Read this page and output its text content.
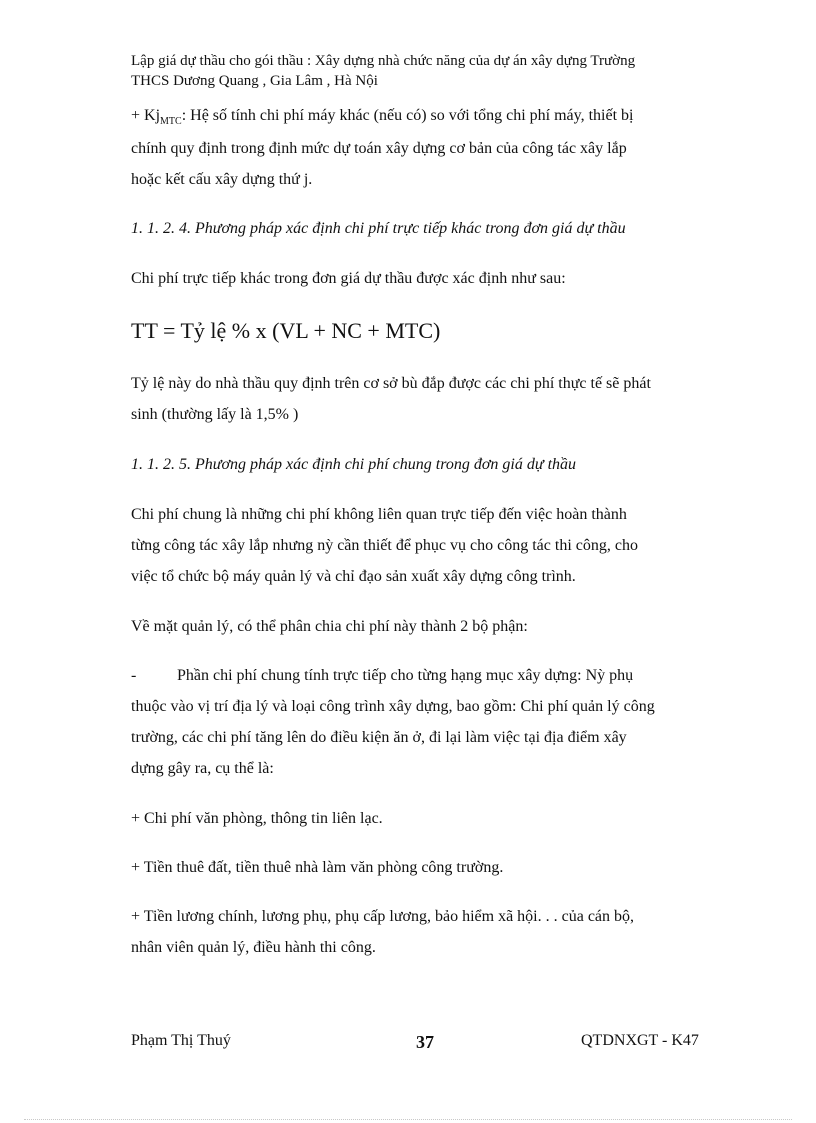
Lập giá dự thầu cho gói thầu : Xây dựng nhà chức năng của dự án xây dựng Trường
THCS Dương Quang , Gia Lâm , Hà Nội
+ $Kj_{MTC}$: Hệ số tính chi phí máy khác (nếu có) so với tổng chi phí máy, thiết bị
chính quy định trong định mức dự toán xây dựng cơ bản của công tác xây lắp
hoặc kết cấu xây dựng thứ j.
1. 1. 2. 4. Phương pháp xác định chi phí trực tiếp khác trong đơn giá dự thầu
Chi phí trực tiếp khác trong đơn giá dự thầu được xác định như sau:
TT = Tỷ lệ % x (VL + NC + MTC)
Tỷ lệ này do nhà thầu quy định trên cơ sở bù đắp được các chi phí thực tế sẽ phát
sinh (thường lấy là 1,5% )
1. 1. 2. 5. Phương pháp xác định chi phí chung trong đơn giá dự thầu
Chi phí chung là những chi phí không liên quan trực tiếp đến việc hoàn thành
từng công tác xây lắp nhưng nỳ cần thiết để phục vụ cho công tác thi công, cho
việc tổ chức bộ máy quản lý và chỉ đạo sản xuất xây dựng công trình.
Về mặt quản lý, có thể phân chia chi phí này thành 2 bộ phận:
-	Phần chi phí chung tính trực tiếp cho từng hạng mục xây dựng: Nỳ phụ
thuộc vào vị trí địa lý và loại công trình xây dựng, bao gồm: Chi phí quản lý công
trường, các chi phí tăng lên do điều kiện ăn ở, đi lại làm việc tại địa điểm xây
dựng gây ra, cụ thể là:
+ Chi phí văn phòng, thông tin liên lạc.
+ Tiền thuê đất, tiền thuê nhà làm văn phòng công trường.
+ Tiền lương chính, lương phụ, phụ cấp lương, bảo hiểm xã hội. . . của cán bộ,
nhân viên quản lý, điều hành thi công.
Phạm Thị Thuý	37	QTDNXGT - K47
